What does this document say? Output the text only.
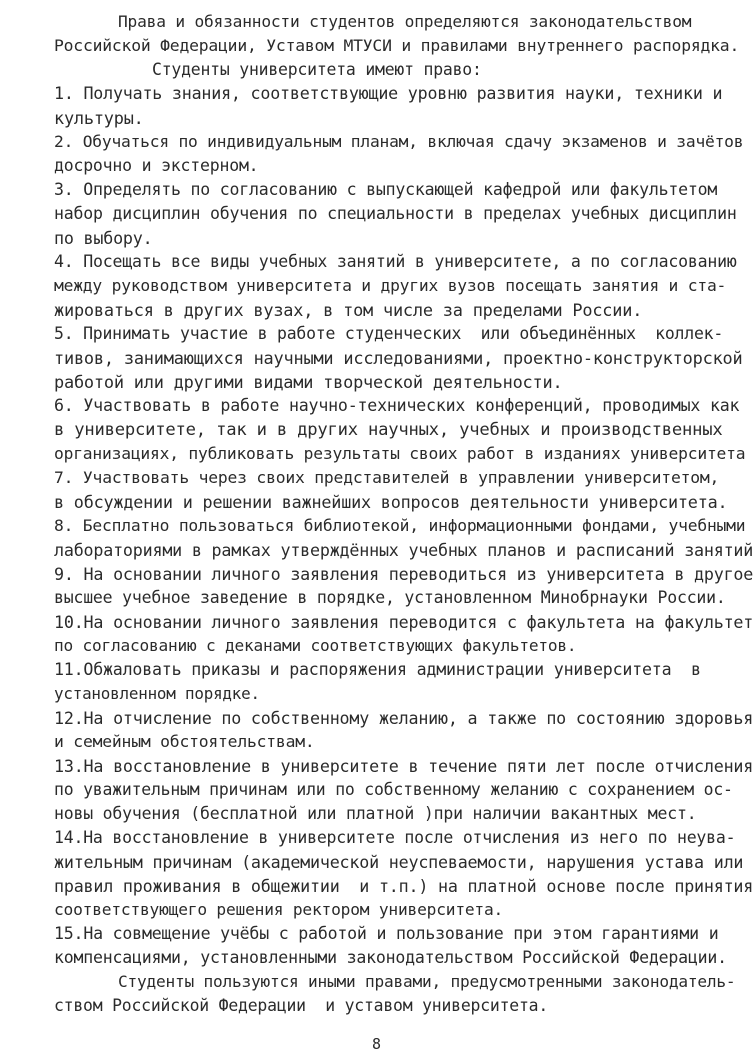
Права и обязанности студентов определяются законодательством
Российской Федерации, Уставом МТУСИ и правилами внутреннего распорядка.
Студенты университета имеют право:
1. Получать знания, соответствующие уровню развития науки, техники и
культуры.
2. Обучаться по индивидуальным планам, включая сдачу экзаменов и зачётов
досрочно и экстерном.
3. Определять по согласованию с выпускающей кафедрой или факультетом
набор дисциплин обучения по специальности в пределах учебных дисциплин
по выбору.
4. Посещать все виды учебных занятий в университете, а по согласованию
между руководством университета и других вузов посещать занятия и ста-
жироваться в других вузах, в том числе за пределами России.
5. Принимать участие в работе студенческих  или объединённых  коллек-
тивов, занимающихся научными исследованиями, проектно-конструкторской
работой или другими видами творческой деятельности.
6. Участвовать в работе научно-технических конференций, проводимых как
в университете, так и в других научных, учебных и производственных
организациях, публиковать результаты своих работ в изданиях университета
7. Участвовать через своих представителей в управлении университетом,
в обсуждении и решении важнейших вопросов деятельности университета.
8. Бесплатно пользоваться библиотекой, информационными фондами, учебными
лабораториями в рамках утверждённых учебных планов и расписаний занятий
9. На основании личного заявления переводиться из университета в другое
высшее учебное заведение в порядке, установленном Минобрнауки России.
10.На основании личного заявления переводится с факультета на факультет
по согласованию с деканами соответствующих факультетов.
11.Обжаловать приказы и распоряжения администрации университета  в
установленном порядке.
12.На отчисление по собственному желанию, а также по состоянию здоровья
и семейным обстоятельствам.
13.На восстановление в университете в течение пяти лет после отчисления
по уважительным причинам или по собственному желанию с сохранением ос-
новы обучения (бесплатной или платной )при наличии вакантных мест.
14.На восстановление в университете после отчисления из него по неува-
жительным причинам (академической неуспеваемости, нарушения устава или
правил проживания в общежитии  и т.п.) на платной основе после принятия
соответствующего решения ректором университета.
15.На совмещение учёбы с работой и пользование при этом гарантиями и
компенсациями, установленными законодательством Российской Федерации.
Студенты пользуются иными правами, предусмотренными законодатель-
ством Российской Федерации  и уставом университета.
8
